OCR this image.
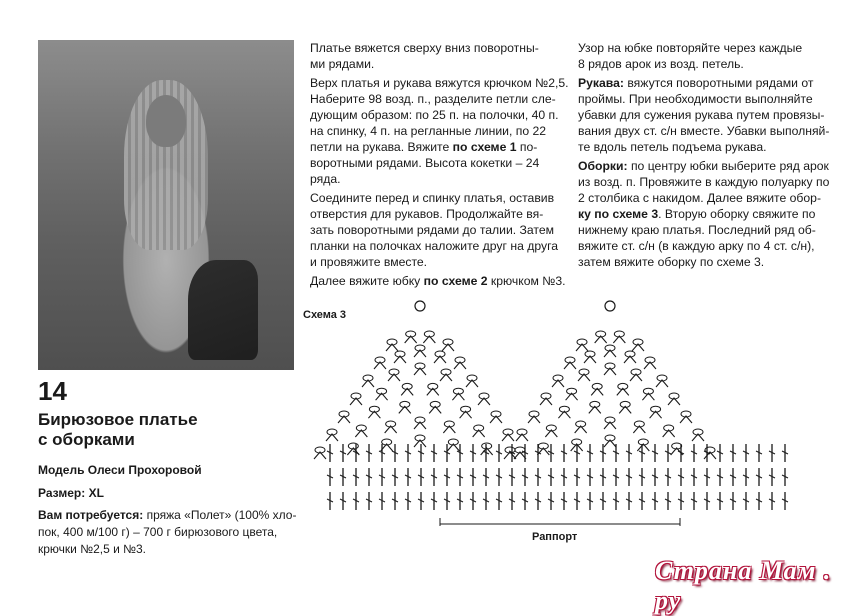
14
Бирюзовое платье
с оборками
Модель Олеси Прохоровой
Размер: XL
Вам потребуется: пряжа «Полет» (100% хло-
пок, 400 м/100 г) – 700 г бирюзового цвета,
крючки №2,5 и №3.

Платье вяжется сверху вниз поворотны-
ми рядами.

Верх платья и рукава вяжутся крючком №2,5.
Наберите 98 возд. п., разделите петли сле-
дующим образом: по 25 п. на полочки, 40 п.
на спинку, 4 п. на регланные линии, по 22
петли на рукава. Вяжите по схеме 1 по-
воротными рядами. Высота кокетки – 24 ряда.

Соедините перед и спинку платья, оставив
отверстия для рукавов. Продолжайте вя-
зать поворотными рядами до талии. Затем
планки на полочках наложите друг на друга
и провяжите вместе.

Далее вяжите юбку по схеме 2 крючком №3.

Узор на юбке повторяйте через каждые
8 рядов арок из возд. петель.

Рукава: вяжутся поворотными рядами от
проймы. При необходимости выполняйте
убавки для сужения рукава путем провязы-
вания двух ст. с/н вместе. Убавки выполняй-
те вдоль петель подъема рукава.

Оборки: по центру юбки выберите ряд арок
из возд. п. Провяжите в каждую полуарку по
2 столбика с накидом. Далее вяжите обор-
ку по схеме 3. Вторую оборку свяжите по
нижнему краю платья. Последний ряд об-
вяжите ст. с/н (в каждую арку по 4 ст. с/н),
затем вяжите оборку по схеме 3.

Схема 3
Раппорт
Страна Мам . ру
